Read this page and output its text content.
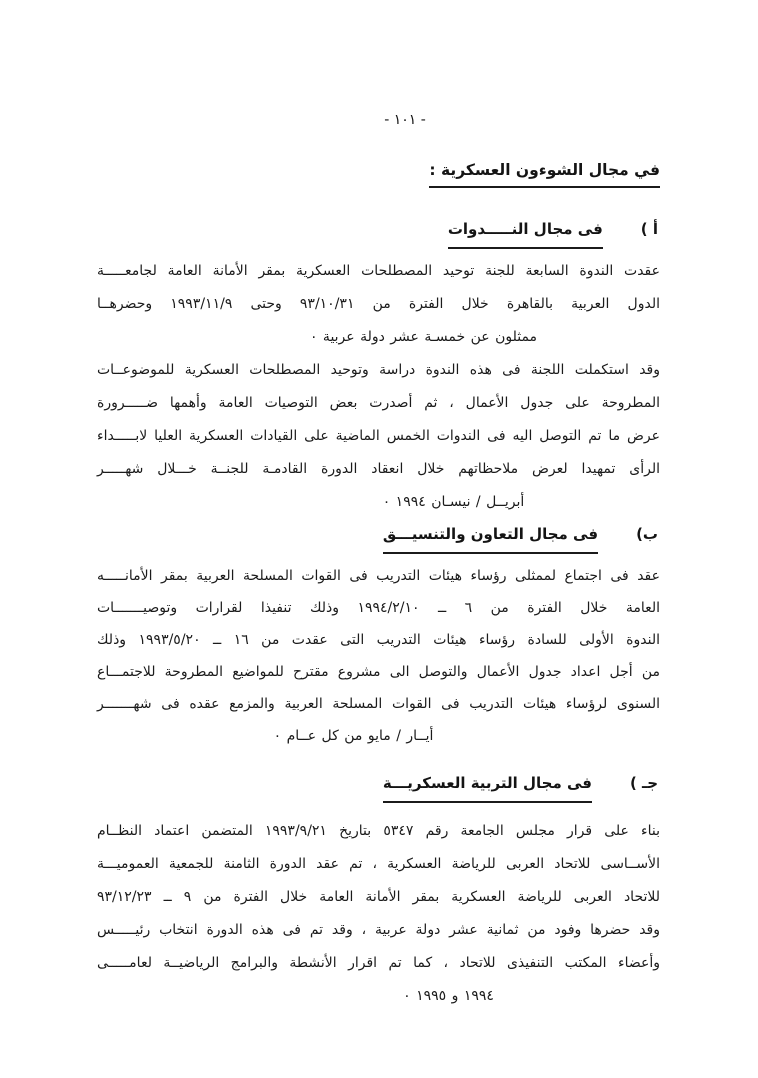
- ١٠١ -
في مجال الشوءون العسكرية :
أ )
فى مجال النـــــدوات

عقدت الندوة السابعة للجنة توحيد المصطلحات العسكرية بمقر الأمانة العامة لجامعـــــة

الدول العربية بالقاهرة خلال الفترة من ٩٣/١٠/٣١ وحتى ١٩٩٣/١١/٩ وحضرهــا

ممثلون عن خمسـة عشر دولة عربية ٠

وقد استكملت اللجنة فى هذه الندوة دراسة وتوحيد المصطلحات العسكرية للموضوعــات

المطروحة على جدول الأعمال ، ثم أصدرت بعض التوصيات العامة وأهمها ضـــــرورة

عرض ما تم التوصل اليه فى الندوات الخمس الماضية على القيادات العسكرية العليا لابـــــداء

الرأى تمهيدا لعرض ملاحظاتهم خلال انعقاد الدورة القادمـة للجنــة خـــلال شهـــــر

أبريــل / نيسـان ١٩٩٤ ٠

ب)
فى مجال التعاون والتنسيـــق

عقد فى اجتماع لممثلى رؤساء هيئات التدريب فى القوات المسلحة العربية بمقر الأمانـــــه

العامة خلال الفترة من ٦ ــ ١٩٩٤/٢/١٠ وذلك تنفيذا لقرارات وتوصيـــــــات

الندوة الأولى للسادة رؤساء هيئات التدريب التى عقدت من ١٦ ــ ١٩٩٣/٥/٢٠ وذلك

من أجل اعداد جدول الأعمال والتوصل الى مشروع مقترح للمواضيع المطروحة للاجتمـــاع

السنوى لرؤساء هيئات التدريب فى القوات المسلحة العربية والمزمع عقده فى شهـــــــر

أيــار / مايو من كل عــام ٠

جـ )
فى مجال التربية العسكريـــة

بناء على قرار مجلس الجامعة رقم ٥٣٤٧ بتاريخ ١٩٩٣/٩/٢١ المتضمن اعتماد النظــام

الأســاسى للاتحاد العربى للرياضة العسكرية ، تم عقد الدورة الثامنة للجمعية العموميـــة

للاتحاد العربى للرياضة العسكرية بمقر الأمانة العامة خلال الفترة من ٩ ــ ٩٣/١٢/٢٣

وقد حضرها وفود من ثمانية عشر دولة عربية ، وقد تم فى هذه الدورة انتخاب رئيـــــس

وأعضاء المكتب التنفيذى للاتحاد ، كما تم اقرار الأنشطة والبرامج الرياضيــة لعامـــــى

١٩٩٤ و ١٩٩٥ ٠
